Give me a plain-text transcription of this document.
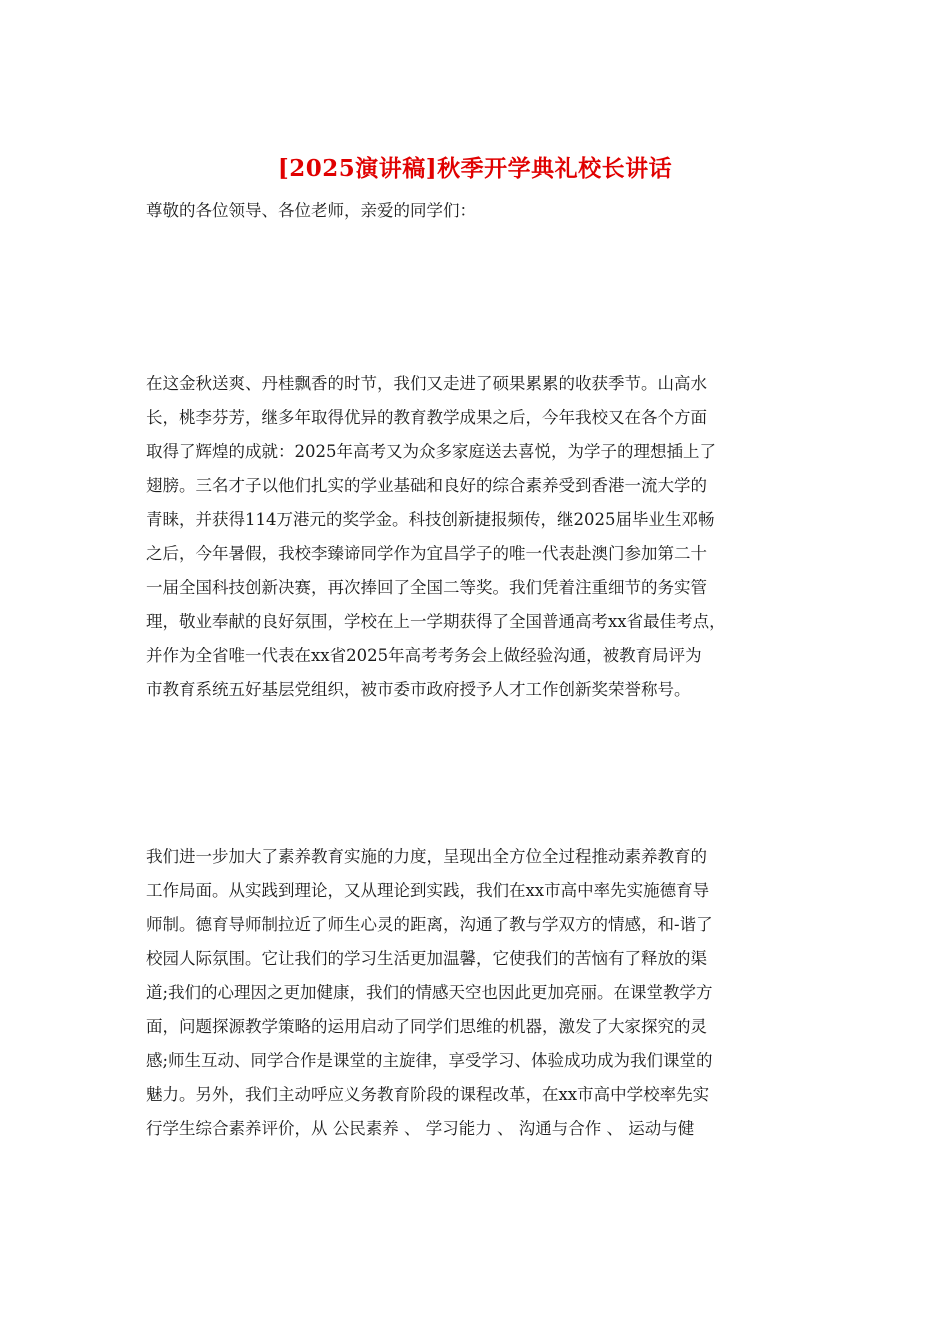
[2025演讲稿]秋季开学典礼校长讲话
尊敬的各位领导、各位老师，亲爱的同学们：
在这金秋送爽、丹桂飘香的时节，我们又走进了硕果累累的收获季节。山高水
长，桃李芬芳，继多年取得优异的教育教学成果之后，今年我校又在各个方面
取得了辉煌的成就：2025年高考又为众多家庭送去喜悦，为学子的理想插上了
翅膀。三名才子以他们扎实的学业基础和良好的综合素养受到香港一流大学的
青睐，并获得114万港元的奖学金。科技创新捷报频传，继2025届毕业生邓畅
之后，今年暑假，我校李臻谛同学作为宜昌学子的唯一代表赴澳门参加第二十
一届全国科技创新决赛，再次捧回了全国二等奖。我们凭着注重细节的务实管
理，敬业奉献的良好氛围，学校在上一学期获得了全国普通高考xx省最佳考点，
并作为全省唯一代表在xx省2025年高考考务会上做经验沟通，被教育局评为
市教育系统五好基层党组织，被市委市政府授予人才工作创新奖荣誉称号。
我们进一步加大了素养教育实施的力度，呈现出全方位全过程推动素养教育的
工作局面。从实践到理论，又从理论到实践，我们在xx市高中率先实施德育导
师制。德育导师制拉近了师生心灵的距离，沟通了教与学双方的情感，和-谐了
校园人际氛围。它让我们的学习生活更加温馨，它使我们的苦恼有了释放的渠
道;我们的心理因之更加健康，我们的情感天空也因此更加亮丽。在课堂教学方
面，问题探源教学策略的运用启动了同学们思维的机器，激发了大家探究的灵
感;师生互动、同学合作是课堂的主旋律，享受学习、体验成功成为我们课堂的
魅力。另外，我们主动呼应义务教育阶段的课程改革，在xx市高中学校率先实
行学生综合素养评价，从 公民素养 、 学习能力 、 沟通与合作 、 运动与健
